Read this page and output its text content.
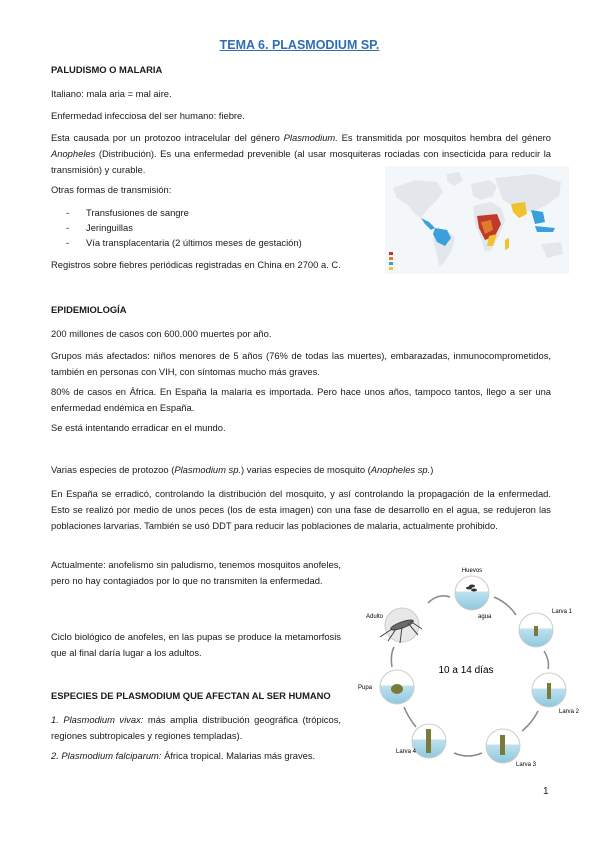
TEMA 6. PLASMODIUM SP.
PALUDISMO O MALARIA
Italiano: mala aria = mal aire.
Enfermedad infecciosa del ser humano: fiebre.
Esta causada por un protozoo intracelular del género Plasmodium. Es transmitida por mosquitos hembra del género Anopheles (Distribución). Es una enfermedad prevenible (al usar mosquiteras rociadas con insecticida para reducir la transmisión) y curable.
Otras formas de transmisión:
- Transfusiones de sangre
- Jeringuillas
- Vía transplacentaria (2 últimos meses de gestación)
Registros sobre fiebres periódicas registradas en China en 2700 a. C.
EPIDEMIOLOGÍA
200 millones de casos con 600.000 muertes por año.
Grupos más afectados: niños menores de 5 años (76% de todas las muertes), embarazadas, inmunocomprometidos, también en personas con VIH, con síntomas mucho más graves.
80% de casos en África. En España la malaria es importada. Pero hace unos años, tampoco tantos, llego a ser una enfermedad endémica en España.
Se está intentando erradicar en el mundo.
Varias especies de protozoo (Plasmodium sp.) varias especies de mosquito (Anopheles sp.)
En España se erradicó, controlando la distribución del mosquito, y así controlando la propagación de la enfermedad. Esto se realizó por medio de unos peces (los de esta imagen) con una fase de desarrollo en el agua, se redujeron las poblaciones larvarias. También se usó DDT para reducir las poblaciones de malaria, actualmente prohibido.
Actualmente: anofelismo sin paludismo, tenemos mosquitos anofeles, pero no hay contagiados por lo que no transmiten la enfermedad.
Ciclo biológico de anofeles, en las pupas se produce la metamorfosis que al final daría lugar a los adultos.
ESPECIES DE PLASMODIUM QUE AFECTAN AL SER HUMANO
1. Plasmodium vivax: más amplia distribución geográfica (trópicos, regiones subtropicales y regiones templadas).
2. Plasmodium falciparum: África tropical. Malarias más graves.
Huevos
agua
Larva 1
Larva 2
Larva 3
Larva 4
Pupa
Adulto
10 a 14 días
1
